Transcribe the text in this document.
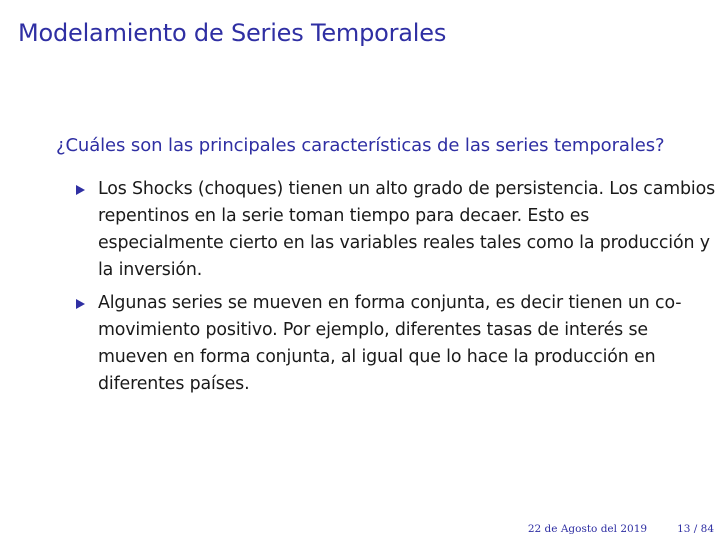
Modelamiento de Series Temporales

¿Cuáles son las principales características de las series temporales?

Los Shocks (choques) tienen un alto grado de persistencia. Los cambios repentinos en la serie toman tiempo para decaer. Esto es especialmente cierto en las variables reales tales como la producción y la inversión.
Algunas series se mueven en forma conjunta, es decir tienen un co-movimiento positivo. Por ejemplo, diferentes tasas de interés se mueven en forma conjunta, al igual que lo hace la producción en diferentes países.
22 de Agosto del 2019	13 / 84
